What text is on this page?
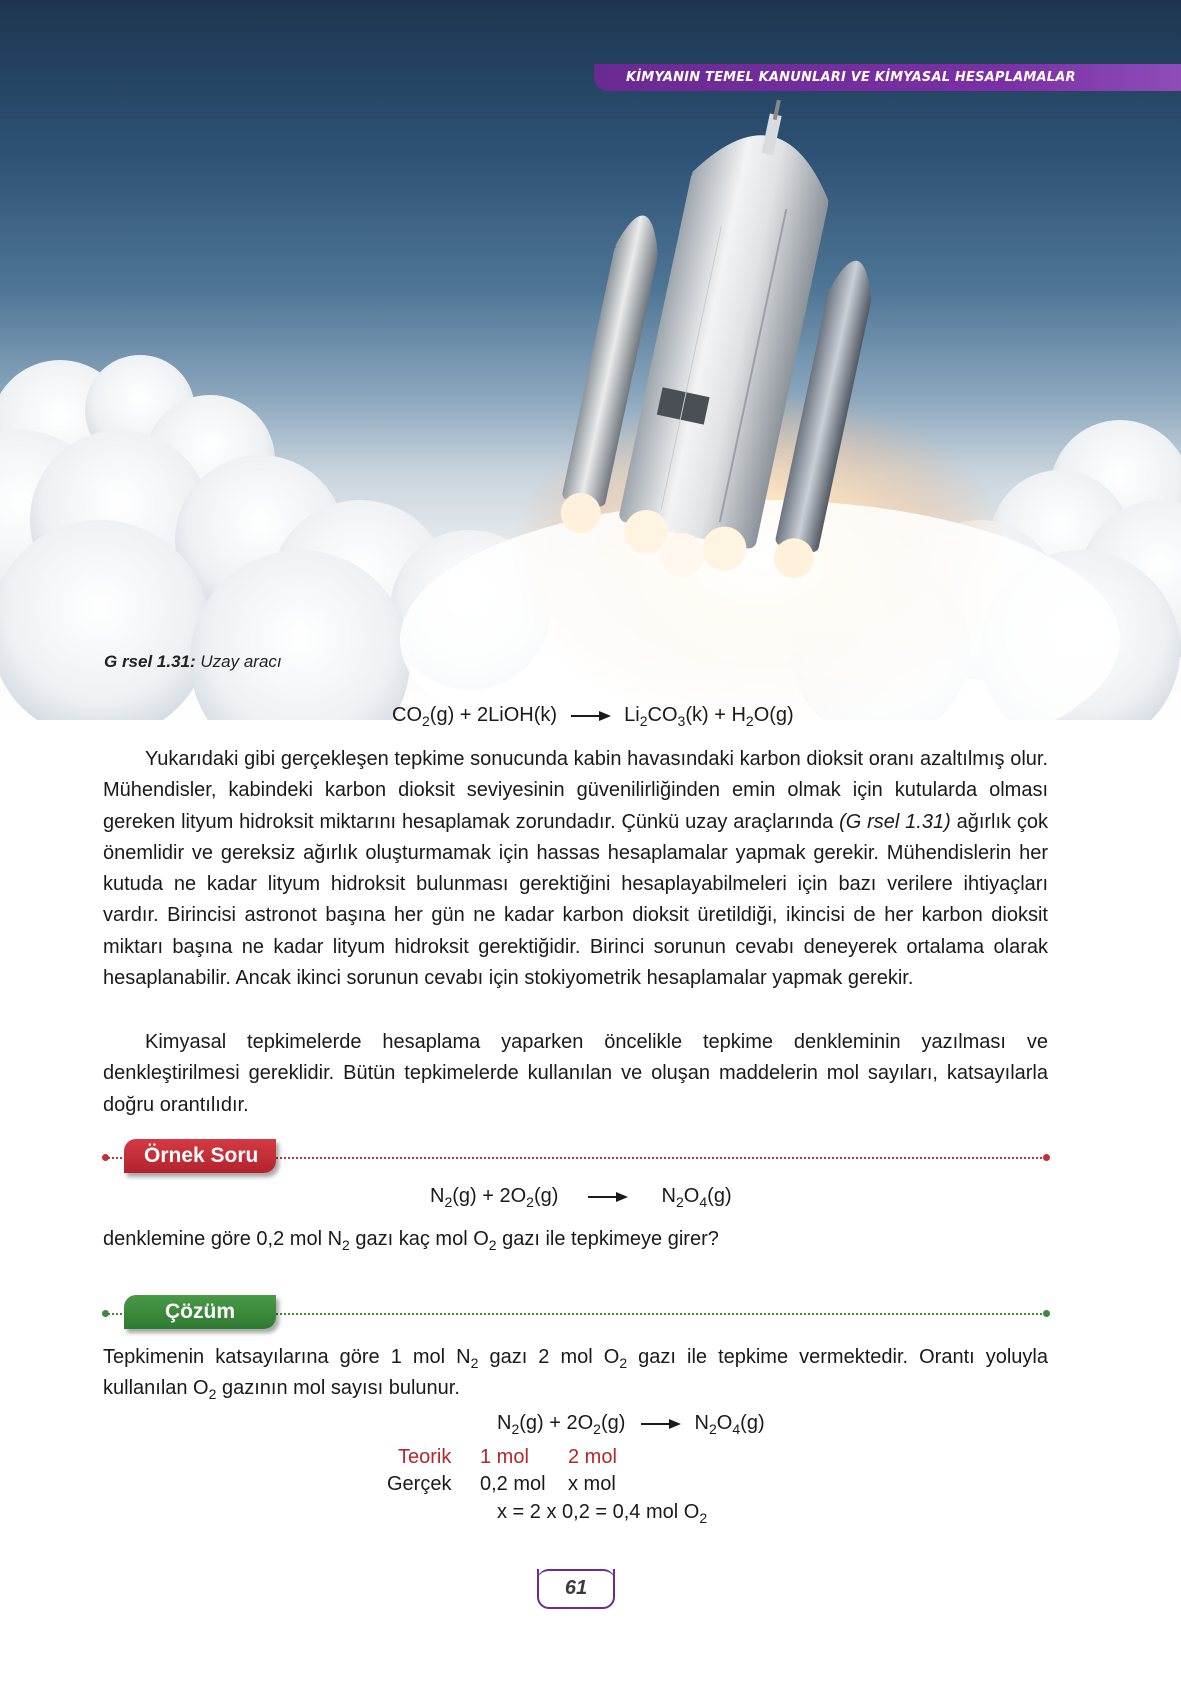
KİMYANIN TEMEL KANUNLARI VE KİMYASAL HESAPLAMALAR
G rsel 1.31: Uzay aracı
$CO_2(g)$ + 2LiOH(k) → $Li_2CO_3(k) + H_2O(g)$
Yukarıdaki gibi gerçekleşen tepkime sonucunda kabin havasındaki karbon dioksit oranı azaltılmış olur. Mühendisler, kabindeki karbon dioksit seviyesinin güvenilirliğinden emin olmak için kutularda olması gereken lityum hidroksit miktarını hesaplamak zorundadır. Çünkü uzay araçlarında (G rsel 1.31) ağırlık çok önemlidir ve gereksiz ağırlık oluşturmamak için hassas hesaplamalar yapmak gerekir. Mühendislerin her kutuda ne kadar lityum hidroksit bulunması gerektiğini hesaplayabilmeleri için bazı verilere ihtiyaçları vardır. Birincisi astronot başına her gün ne kadar karbon dioksit üretildiği, ikincisi de her karbon dioksit miktarı başına ne kadar lityum hidroksit gerektiğidir. Birinci sorunun cevabı deneyerek ortalama olarak hesaplanabilir. Ancak ikinci sorunun cevabı için stokiyometrik hesaplamalar yapmak gerekir.
Kimyasal tepkimelerde hesaplama yaparken öncelikle tepkime denkleminin yazılması ve denkleştirilmesi gereklidir. Bütün tepkimelerde kullanılan ve oluşan maddelerin mol sayıları, katsayılarla doğru orantılıdır.
Örnek Soru
$N_2(g) + 2O_2(g) \to N_2O_4(g)$
denklemine göre 0,2 mol $N_2$ gazı kaç mol $O_2$ gazı ile tepkimeye girer?
Çözüm
Tepkimenin katsayılarına göre 1 mol $N_2$ gazı 2 mol $O_2$ gazı ile tepkime vermektedir. Orantı yoluyla kullanılan $O_2$ gazının mol sayısı bulunur.
$N_2(g) + 2O_2(g) \to N_2O_4(g)$
Teorik 1 mol 2 mol
Gerçek 0,2 mol x mol
x = 2 x 0,2 = 0,4 mol $O_2$
61
